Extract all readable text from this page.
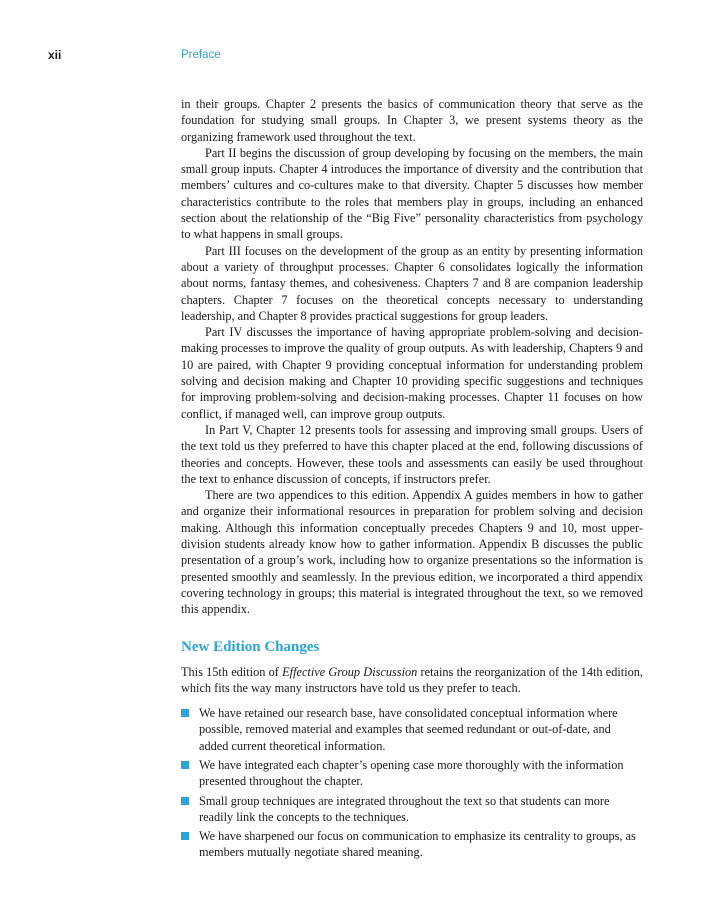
xii	Preface

in their groups. Chapter 2 presents the basics of communication theory that serve as the foundation for studying small groups. In Chapter 3, we present systems theory as the organizing framework used throughout the text.

Part II begins the discussion of group developing by focusing on the members, the main small group inputs. Chapter 4 introduces the importance of diversity and the contribution that members’ cultures and co-cultures make to that diversity. Chapter 5 discusses how member characteristics contribute to the roles that members play in groups, including an enhanced section about the relationship of the “Big Five” personality characteristics from psychology to what happens in small groups.

Part III focuses on the development of the group as an entity by presenting information about a variety of throughput processes. Chapter 6 consolidates logically the information about norms, fantasy themes, and cohesiveness. Chapters 7 and 8 are companion leadership chapters. Chapter 7 focuses on the theoretical concepts necessary to understanding leadership, and Chapter 8 provides practical suggestions for group leaders.

Part IV discusses the importance of having appropriate problem-solving and decision-making processes to improve the quality of group outputs. As with leadership, Chapters 9 and 10 are paired, with Chapter 9 providing conceptual information for understanding problem solving and decision making and Chapter 10 providing specific suggestions and techniques for improving problem-solving and decision-making processes. Chapter 11 focuses on how conflict, if managed well, can improve group outputs.

In Part V, Chapter 12 presents tools for assessing and improving small groups. Users of the text told us they preferred to have this chapter placed at the end, following discussions of theories and concepts. However, these tools and assessments can easily be used throughout the text to enhance discussion of concepts, if instructors prefer.

There are two appendices to this edition. Appendix A guides members in how to gather and organize their informational resources in preparation for problem solving and decision making. Although this information conceptually precedes Chapters 9 and 10, most upper-division students already know how to gather information. Appendix B discusses the public presentation of a group’s work, including how to organize presentations so the information is presented smoothly and seamlessly. In the previous edition, we incorporated a third appendix covering technology in groups; this material is integrated throughout the text, so we removed this appendix.

New Edition Changes

This 15th edition of Effective Group Discussion retains the reorganization of the 14th edition, which fits the way many instructors have told us they prefer to teach.

We have retained our research base, have consolidated conceptual information where possible, removed material and examples that seemed redundant or out-of-date, and added current theoretical information.
We have integrated each chapter’s opening case more thoroughly with the information presented throughout the chapter.
Small group techniques are integrated throughout the text so that students can more readily link the concepts to the techniques.
We have sharpened our focus on communication to emphasize its centrality to groups, as members mutually negotiate shared meaning.
